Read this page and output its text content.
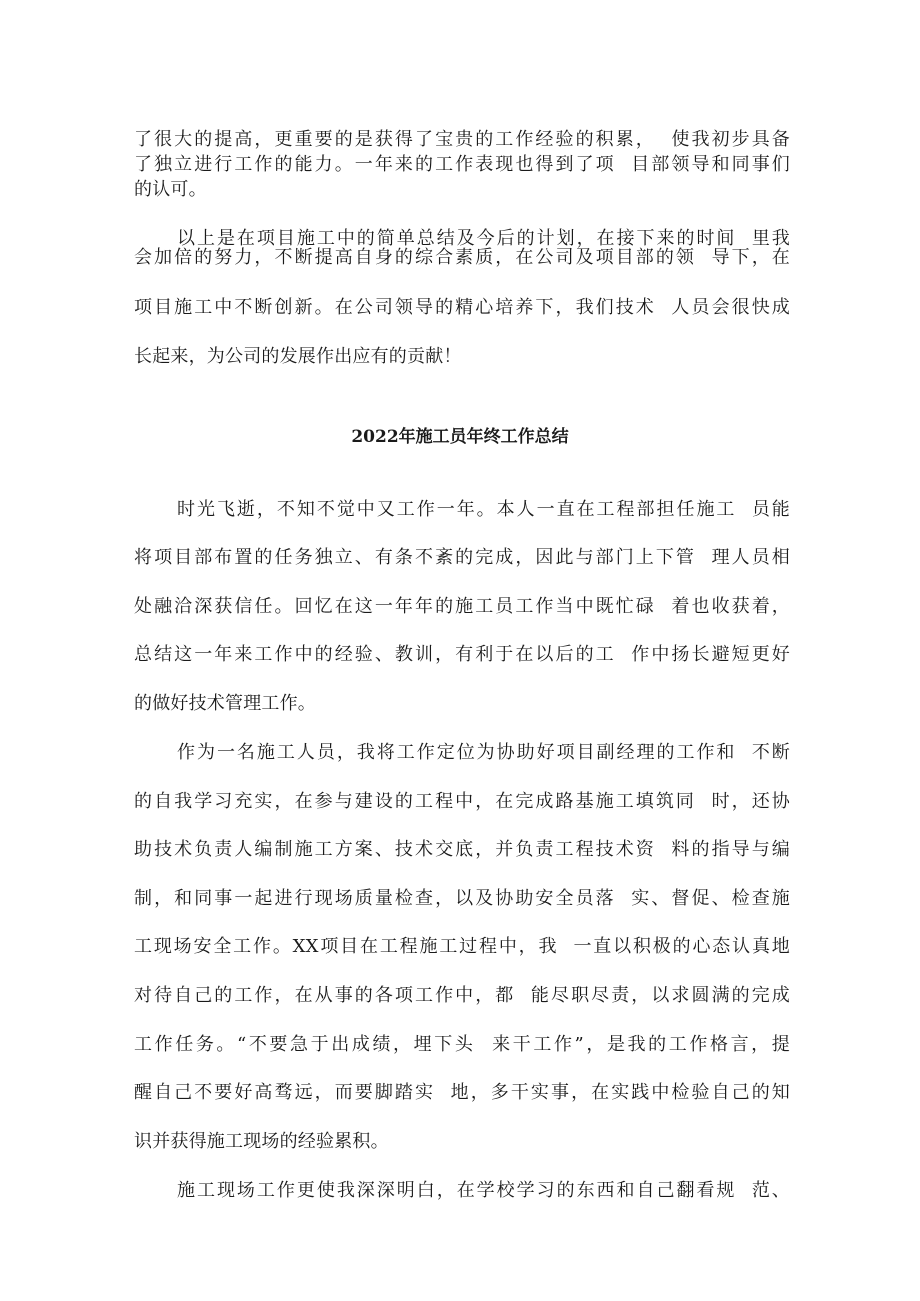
了很大的提高，更重要的是获得了宝贵的工作经验的积累，  使我初步具备
了独立进行工作的能力。一年来的工作表现也得到了项  目部领导和同事们
的认可。
以上是在项目施工中的简单总结及今后的计划，在接下来的时间  里我
会加倍的努力，不断提高自身的综合素质，在公司及项目部的领  导下，在
项目施工中不断创新。在公司领导的精心培养下，我们技术  人员会很快成
长起来，为公司的发展作出应有的贡献！
2022年施工员年终工作总结
时光飞逝，不知不觉中又工作一年。本人一直在工程部担任施工  员能
将项目部布置的任务独立、有条不紊的完成，因此与部门上下管  理人员相
处融洽深获信任。回忆在这一年年的施工员工作当中既忙碌  着也收获着，
总结这一年来工作中的经验、教训，有利于在以后的工  作中扬长避短更好
的做好技术管理工作。
作为一名施工人员，我将工作定位为协助好项目副经理的工作和  不断
的自我学习充实，在参与建设的工程中，在完成路基施工填筑同  时，还协
助技术负责人编制施工方案、技术交底，并负责工程技术资  料的指导与编
制，和同事一起进行现场质量检查，以及协助安全员落  实、督促、检查施
工现场安全工作。XX项目在工程施工过程中，我  一直以积极的心态认真地
对待自己的工作，在从事的各项工作中，都  能尽职尽责，以求圆满的完成
工作任务。“不要急于出成绩，埋下头  来干工作”，是我的工作格言，提
醒自己不要好高骛远，而要脚踏实  地，多干实事，在实践中检验自己的知
识并获得施工现场的经验累积。
施工现场工作更使我深深明白，在学校学习的东西和自己翻看规  范、
